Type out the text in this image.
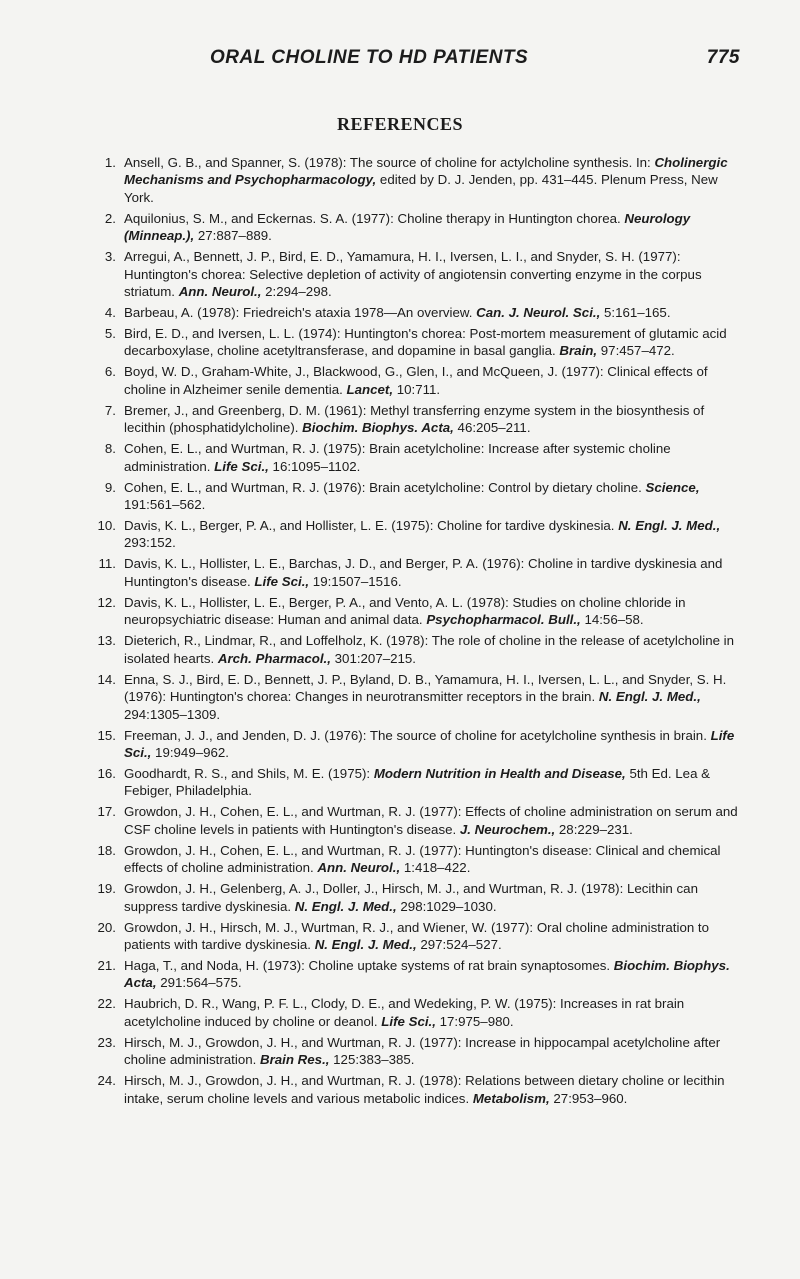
ORAL CHOLINE TO HD PATIENTS	775
REFERENCES
1. Ansell, G. B., and Spanner, S. (1978): The source of choline for actylcholine synthesis. In: Cholinergic Mechanisms and Psychopharmacology, edited by D. J. Jenden, pp. 431–445. Plenum Press, New York.
2. Aquilonius, S. M., and Eckernas. S. A. (1977): Choline therapy in Huntington chorea. Neurology (Minneap.), 27:887–889.
3. Arregui, A., Bennett, J. P., Bird, E. D., Yamamura, H. I., Iversen, L. I., and Snyder, S. H. (1977): Huntington's chorea: Selective depletion of activity of angiotensin converting enzyme in the corpus striatum. Ann. Neurol., 2:294–298.
4. Barbeau, A. (1978): Friedreich's ataxia 1978—An overview. Can. J. Neurol. Sci., 5:161–165.
5. Bird, E. D., and Iversen, L. L. (1974): Huntington's chorea: Post-mortem measurement of glutamic acid decarboxylase, choline acetyltransferase, and dopamine in basal ganglia. Brain, 97:457–472.
6. Boyd, W. D., Graham-White, J., Blackwood, G., Glen, I., and McQueen, J. (1977): Clinical effects of choline in Alzheimer senile dementia. Lancet, 10:711.
7. Bremer, J., and Greenberg, D. M. (1961): Methyl transferring enzyme system in the biosynthesis of lecithin (phosphatidylcholine). Biochim. Biophys. Acta, 46:205–211.
8. Cohen, E. L., and Wurtman, R. J. (1975): Brain acetylcholine: Increase after systemic choline administration. Life Sci., 16:1095–1102.
9. Cohen, E. L., and Wurtman, R. J. (1976): Brain acetylcholine: Control by dietary choline. Science, 191:561–562.
10. Davis, K. L., Berger, P. A., and Hollister, L. E. (1975): Choline for tardive dyskinesia. N. Engl. J. Med., 293:152.
11. Davis, K. L., Hollister, L. E., Barchas, J. D., and Berger, P. A. (1976): Choline in tardive dyskinesia and Huntington's disease. Life Sci., 19:1507–1516.
12. Davis, K. L., Hollister, L. E., Berger, P. A., and Vento, A. L. (1978): Studies on choline chloride in neuropsychiatric disease: Human and animal data. Psychopharmacol. Bull., 14:56–58.
13. Dieterich, R., Lindmar, R., and Loffelholz, K. (1978): The role of choline in the release of acetylcholine in isolated hearts. Arch. Pharmacol., 301:207–215.
14. Enna, S. J., Bird, E. D., Bennett, J. P., Byland, D. B., Yamamura, H. I., Iversen, L. L., and Snyder, S. H. (1976): Huntington's chorea: Changes in neurotransmitter receptors in the brain. N. Engl. J. Med., 294:1305–1309.
15. Freeman, J. J., and Jenden, D. J. (1976): The source of choline for acetylcholine synthesis in brain. Life Sci., 19:949–962.
16. Goodhardt, R. S., and Shils, M. E. (1975): Modern Nutrition in Health and Disease, 5th Ed. Lea & Febiger, Philadelphia.
17. Growdon, J. H., Cohen, E. L., and Wurtman, R. J. (1977): Effects of choline administration on serum and CSF choline levels in patients with Huntington's disease. J. Neurochem., 28:229–231.
18. Growdon, J. H., Cohen, E. L., and Wurtman, R. J. (1977): Huntington's disease: Clinical and chemical effects of choline administration. Ann. Neurol., 1:418–422.
19. Growdon, J. H., Gelenberg, A. J., Doller, J., Hirsch, M. J., and Wurtman, R. J. (1978): Lecithin can suppress tardive dyskinesia. N. Engl. J. Med., 298:1029–1030.
20. Growdon, J. H., Hirsch, M. J., Wurtman, R. J., and Wiener, W. (1977): Oral choline administration to patients with tardive dyskinesia. N. Engl. J. Med., 297:524–527.
21. Haga, T., and Noda, H. (1973): Choline uptake systems of rat brain synaptosomes. Biochim. Biophys. Acta, 291:564–575.
22. Haubrich, D. R., Wang, P. F. L., Clody, D. E., and Wedeking, P. W. (1975): Increases in rat brain acetylcholine induced by choline or deanol. Life Sci., 17:975–980.
23. Hirsch, M. J., Growdon, J. H., and Wurtman, R. J. (1977): Increase in hippocampal acetylcholine after choline administration. Brain Res., 125:383–385.
24. Hirsch, M. J., Growdon, J. H., and Wurtman, R. J. (1978): Relations between dietary choline or lecithin intake, serum choline levels and various metabolic indices. Metabolism, 27:953–960.
